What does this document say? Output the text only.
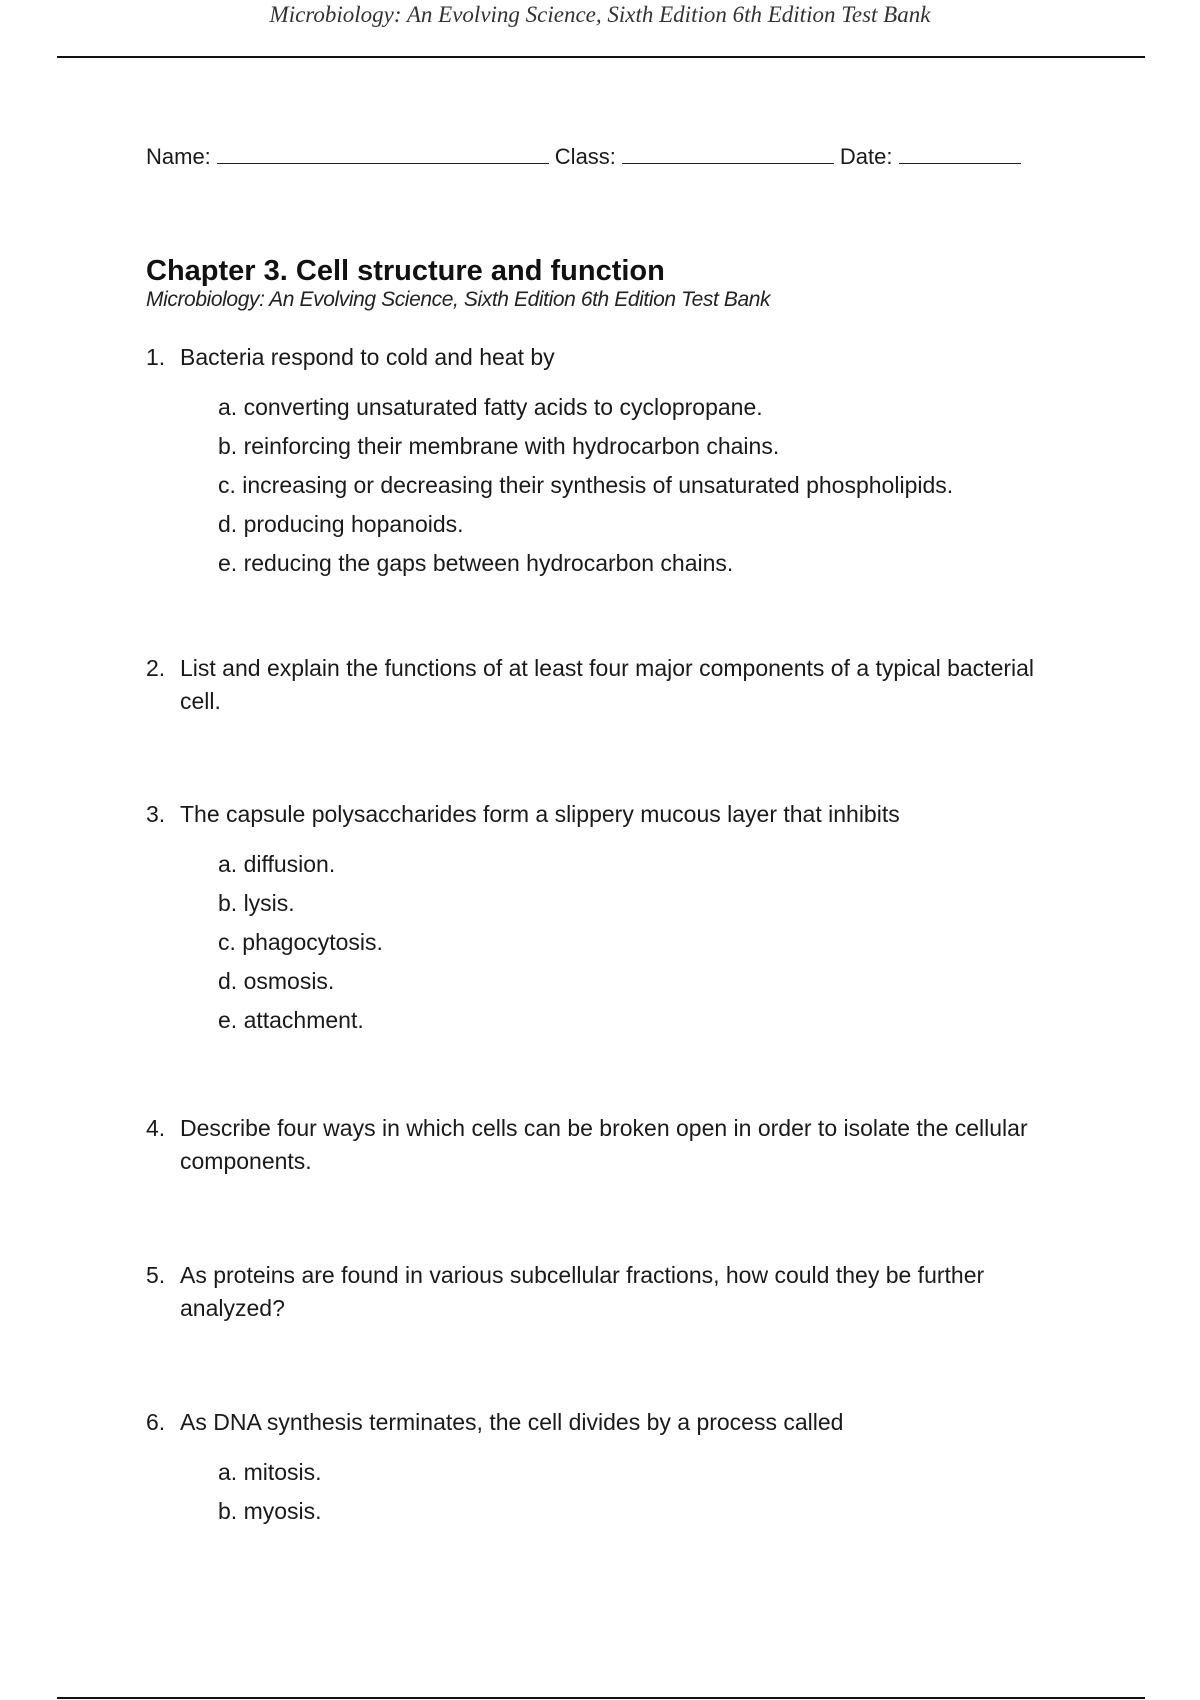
Microbiology: An Evolving Science, Sixth Edition 6th Edition Test Bank
Name:	Class:	Date:
Chapter 3. Cell structure and function
Microbiology: An Evolving Science, Sixth Edition 6th Edition Test Bank
1. Bacteria respond to cold and heat by
a. converting unsaturated fatty acids to cyclopropane.
b. reinforcing their membrane with hydrocarbon chains.
c. increasing or decreasing their synthesis of unsaturated phospholipids.
d. producing hopanoids.
e. reducing the gaps between hydrocarbon chains.
2. List and explain the functions of at least four major components of a typical bacterial cell.
3. The capsule polysaccharides form a slippery mucous layer that inhibits
a. diffusion.
b. lysis.
c. phagocytosis.
d. osmosis.
e. attachment.
4. Describe four ways in which cells can be broken open in order to isolate the cellular components.
5. As proteins are found in various subcellular fractions, how could they be further analyzed?
6. As DNA synthesis terminates, the cell divides by a process called
a. mitosis.
b. myosis.
